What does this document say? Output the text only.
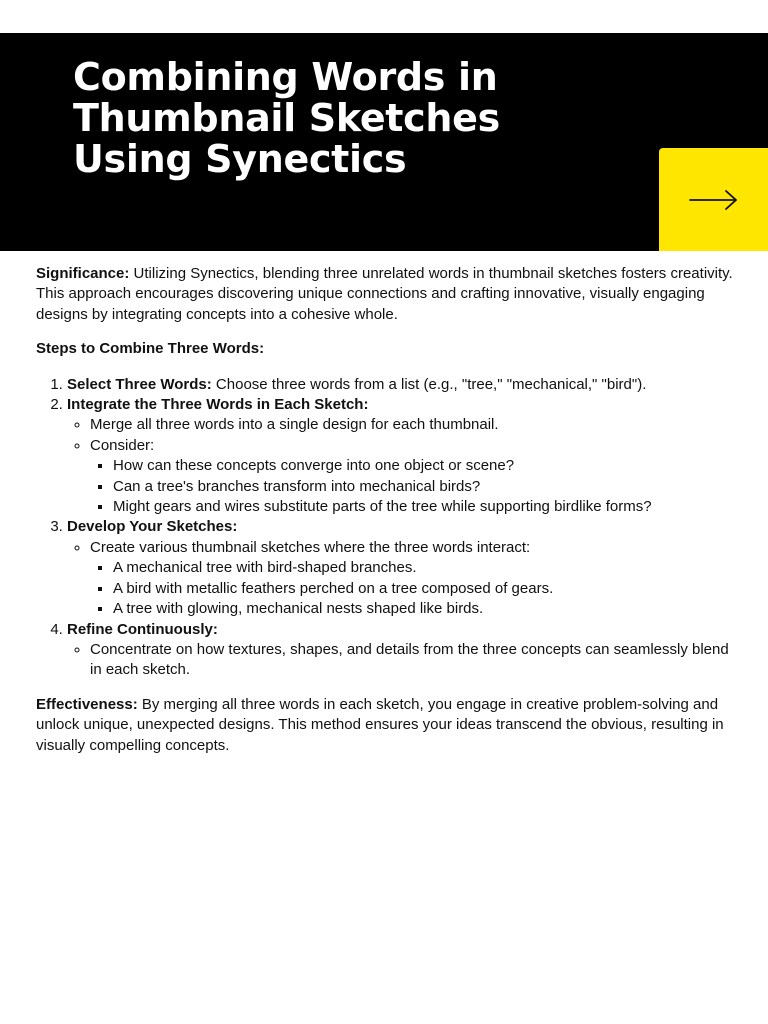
Combining Words in
Thumbnail Sketches
Using Synectics

Significance: Utilizing Synectics, blending three unrelated words in thumbnail sketches fosters creativity. This approach encourages discovering unique connections and crafting innovative, visually engaging designs by integrating concepts into a cohesive whole.

Steps to Combine Three Words:

1. Select Three Words: Choose three words from a list (e.g., "tree," "mechanical," "bird").
2. Integrate the Three Words in Each Sketch:
◦ Merge all three words into a single design for each thumbnail.
◦ Consider:
▪ How can these concepts converge into one object or scene?
▪ Can a tree's branches transform into mechanical birds?
▪ Might gears and wires substitute parts of the tree while supporting birdlike forms?
3. Develop Your Sketches:
◦ Create various thumbnail sketches where the three words interact:
▪ A mechanical tree with bird-shaped branches.
▪ A bird with metallic feathers perched on a tree composed of gears.
▪ A tree with glowing, mechanical nests shaped like birds.
4. Refine Continuously:
◦ Concentrate on how textures, shapes, and details from the three concepts can seamlessly blend in each sketch.

Effectiveness: By merging all three words in each sketch, you engage in creative problem-solving and unlock unique, unexpected designs. This method ensures your ideas transcend the obvious, resulting in visually compelling concepts.
